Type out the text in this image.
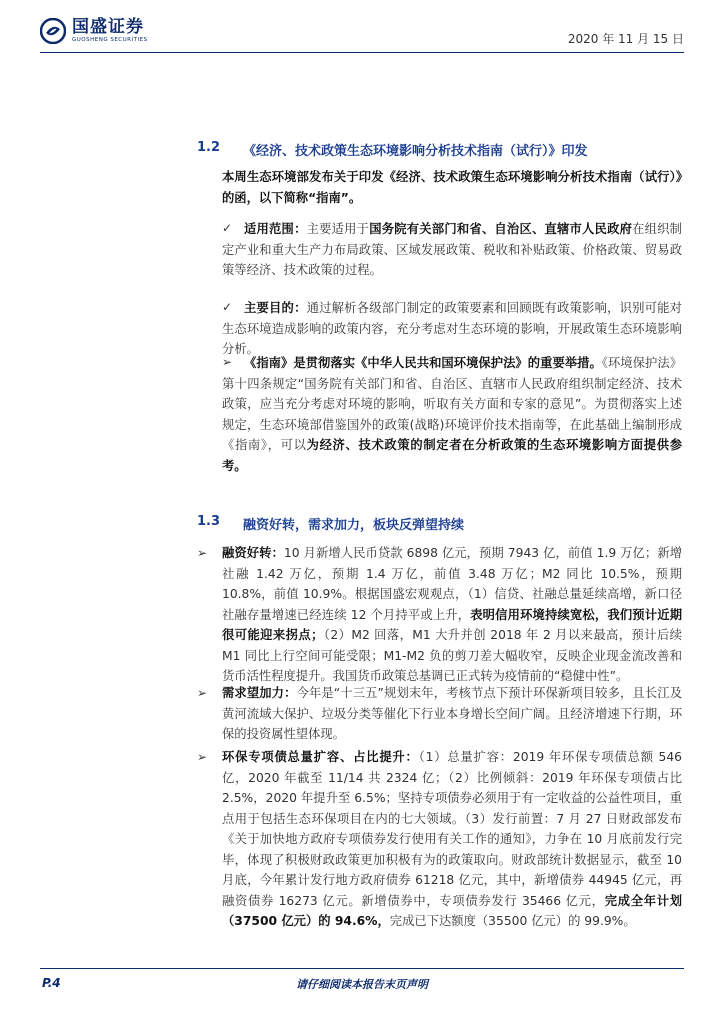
国盛证券
GUOSHENG SECURITIES	2020 年 11 月 15 日
1.2	《经济、技术政策生态环境影响分析技术指南（试行）》印发
本周生态环境部发布关于印发《经济、技术政策生态环境影响分析技术指南（试行）》的函，以下简称“指南”。
✓ 适用范围：主要适用于国务院有关部门和省、自治区、直辖市人民政府在组织制定产业和重大生产力布局政策、区域发展政策、税收和补贴政策、价格政策、贸易政策等经济、技术政策的过程。
✓ 主要目的：通过解析各级部门制定的政策要素和回顾既有政策影响，识别可能对生态环境造成影响的政策内容，充分考虑对生态环境的影响，开展政策生态环境影响分析。
➢ 《指南》是贯彻落实《中华人民共和国环境保护法》的重要举措。《环境保护法》第十四条规定“国务院有关部门和省、自治区、直辖市人民政府组织制定经济、技术政策，应当充分考虑对环境的影响，听取有关方面和专家的意见”。为贯彻落实上述规定，生态环境部借鉴国外的政策(战略)环境评价技术指南等，在此基础上编制形成《指南》，可以为经济、技术政策的制定者在分析政策的生态环境影响方面提供参考。
1.3	融资好转，需求加力，板块反弹望持续
➢ 融资好转：10 月新增人民币贷款 6898 亿元，预期 7943 亿，前值 1.9 万亿；新增社融 1.42 万亿，预期 1.4 万亿，前值 3.48 万亿；M2 同比 10.5%，预期 10.8%，前值 10.9%。根据国盛宏观观点，（1）信贷、社融总量延续高增，新口径社融存量增速已经连续 12 个月持平或上升，表明信用环境持续宽松，我们预计近期很可能迎来拐点；（2）M2 回落，M1 大升并创 2018 年 2 月以来最高，预计后续 M1 同比上行空间可能受限；M1-M2 负的剪刀差大幅收窄，反映企业现金流改善和货币活性程度提升。我国货币政策总基调已正式转为疫情前的“稳健中性”。
➢ 需求望加力：今年是“十三五”规划末年，考核节点下预计环保新项目较多，且长江及黄河流域大保护、垃圾分类等催化下行业本身增长空间广阔。且经济增速下行期，环保的投资属性望体现。
➢ 环保专项债总量扩容、占比提升：（1）总量扩容：2019 年环保专项债总额 546 亿，2020 年截至 11/14 共 2324 亿；（2）比例倾斜：2019 年环保专项债占比 2.5%，2020 年提升至 6.5%；坚持专项债券必须用于有一定收益的公益性项目，重点用于包括生态环保项目在内的七大领域。（3）发行前置：7 月 27 日财政部发布《关于加快地方政府专项债券发行使用有关工作的通知》，力争在 10 月底前发行完毕，体现了积极财政政策更加积极有为的政策取向。财政部统计数据显示，截至 10 月底，今年累计发行地方政府债券 61218 亿元，其中，新增债券 44945 亿元，再融资债券 16273 亿元。新增债券中，专项债券发行 35466 亿元，完成全年计划（37500 亿元）的 94.6%，完成已下达额度（35500 亿元）的 99.9%。
P.4	请仔细阅读本报告末页声明
